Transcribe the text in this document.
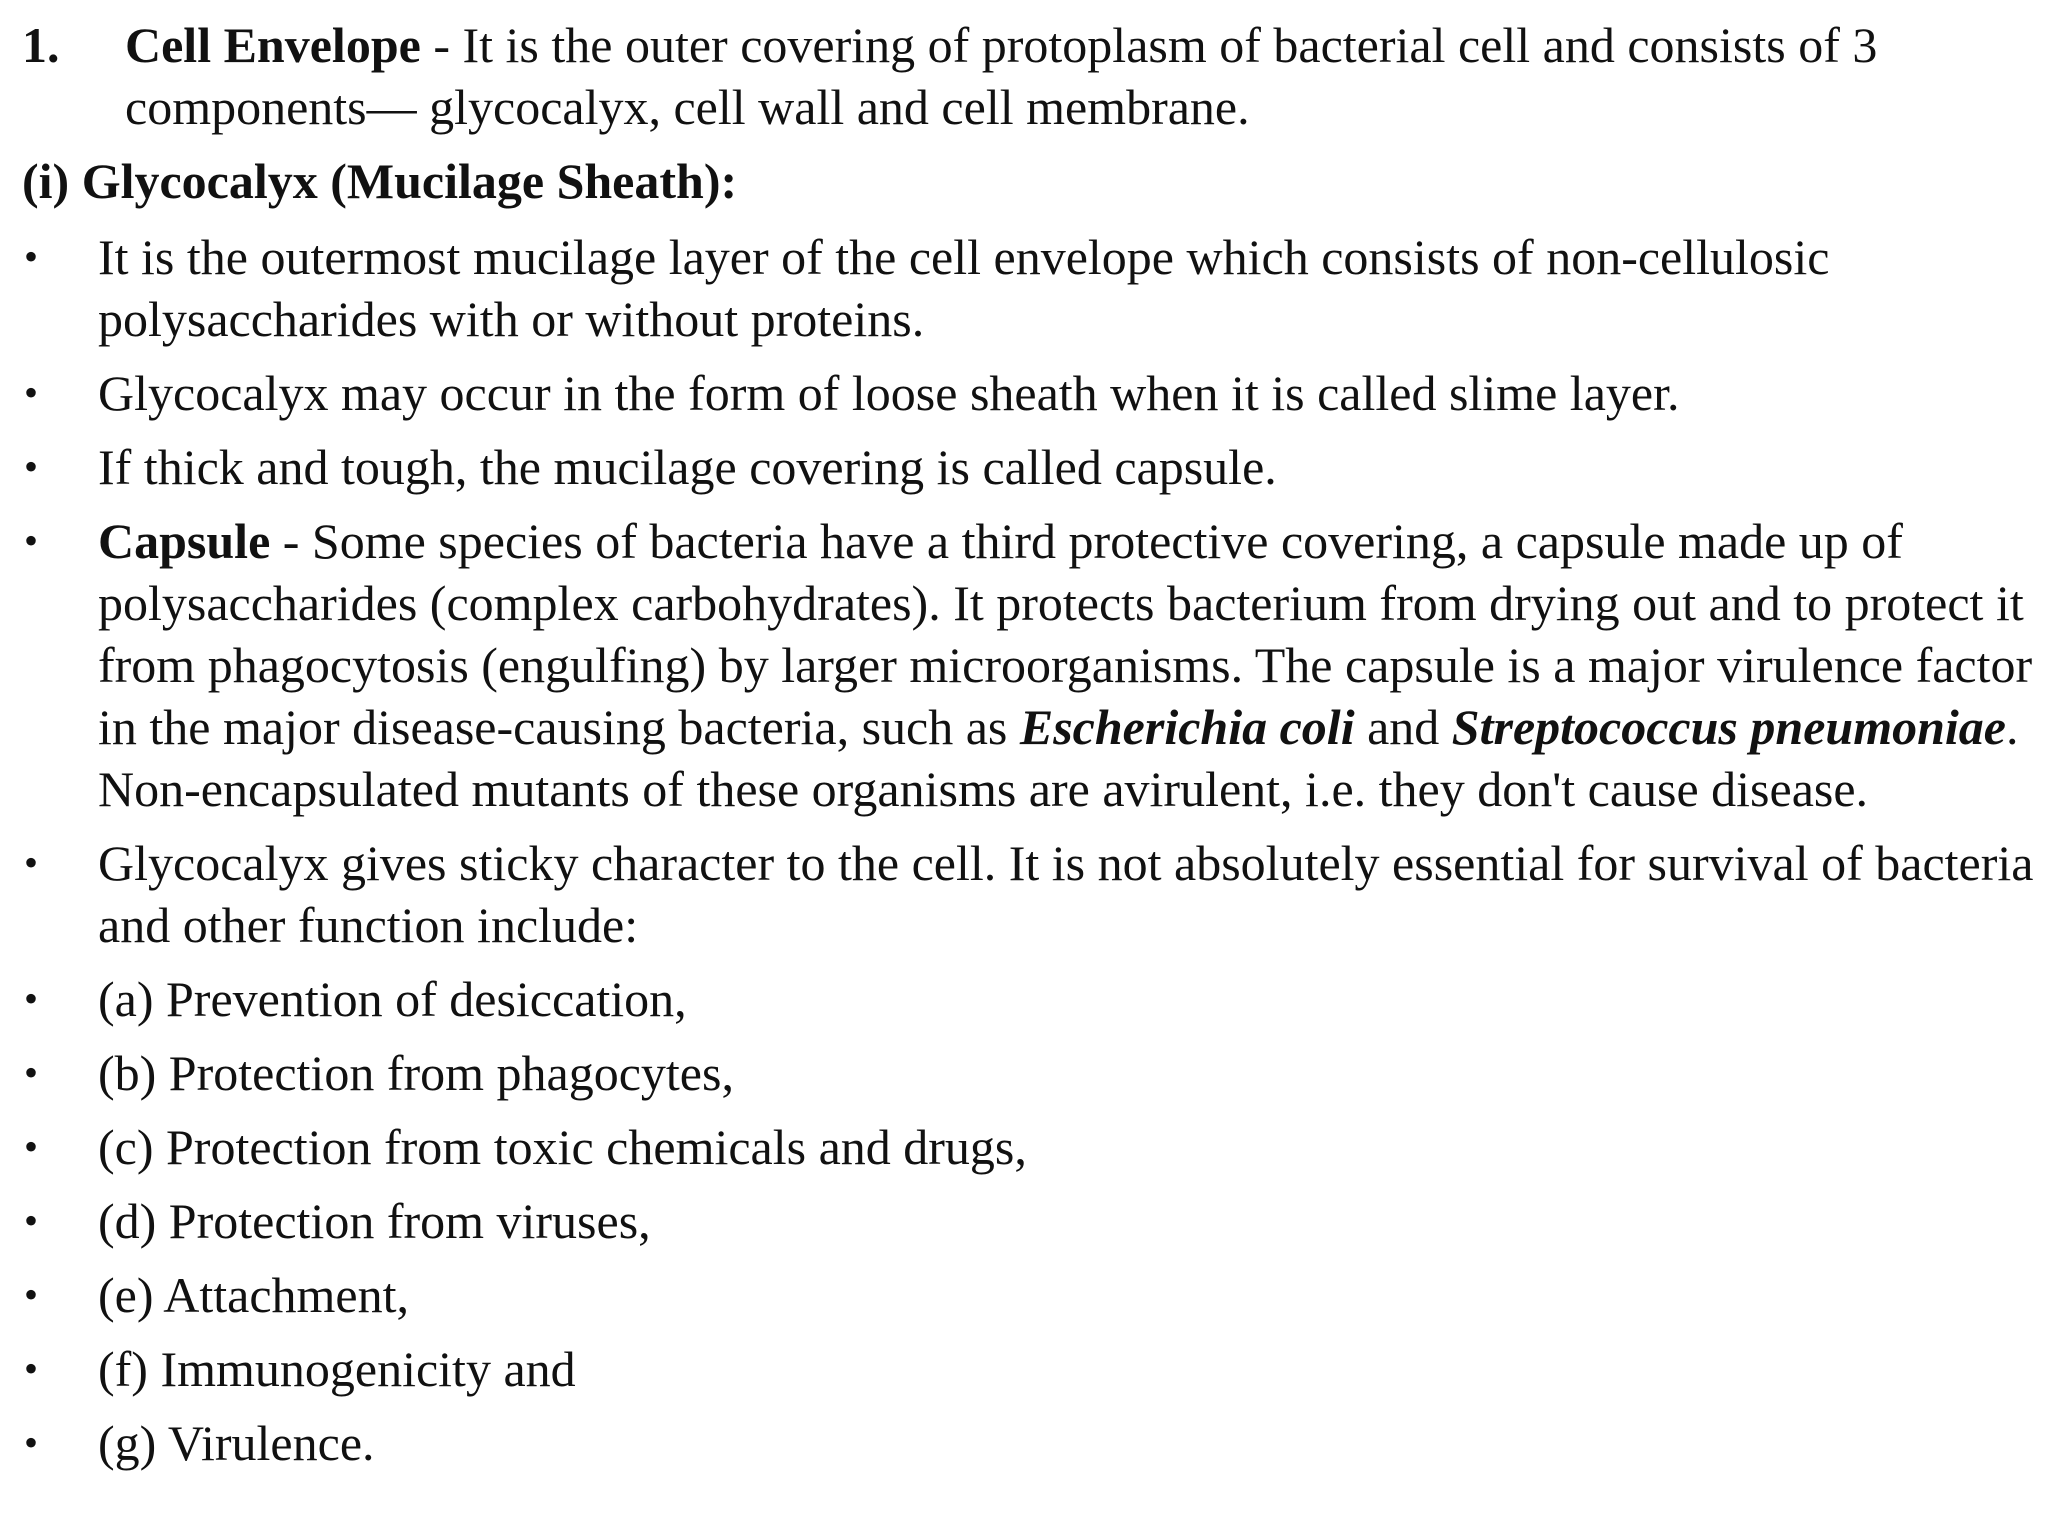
1. Cell Envelope - It is the outer covering of protoplasm of bacterial cell and consists of 3 components— glycocalyx, cell wall and cell membrane.
(i) Glycocalyx (Mucilage Sheath):
• It is the outermost mucilage layer of the cell envelope which consists of non-cellulosic polysaccharides with or without proteins.
• Glycocalyx may occur in the form of loose sheath when it is called slime layer.
• If thick and tough, the mucilage covering is called capsule.
• Capsule - Some species of bacteria have a third protective covering, a capsule made up of polysaccharides (complex carbohydrates). It protects bacterium from drying out and to protect it from phagocytosis (engulfing) by larger microorganisms. The capsule is a major virulence factor in the major disease-causing bacteria, such as Escherichia coli and Streptococcus pneumoniae. Non-encapsulated mutants of these organisms are avirulent, i.e. they don't cause disease.
• Glycocalyx gives sticky character to the cell. It is not absolutely essential for survival of bacteria and other function include:
• (a) Prevention of desiccation,
• (b) Protection from phagocytes,
• (c) Protection from toxic chemicals and drugs,
• (d) Protection from viruses,
• (e) Attachment,
• (f) Immunogenicity and
• (g) Virulence.
